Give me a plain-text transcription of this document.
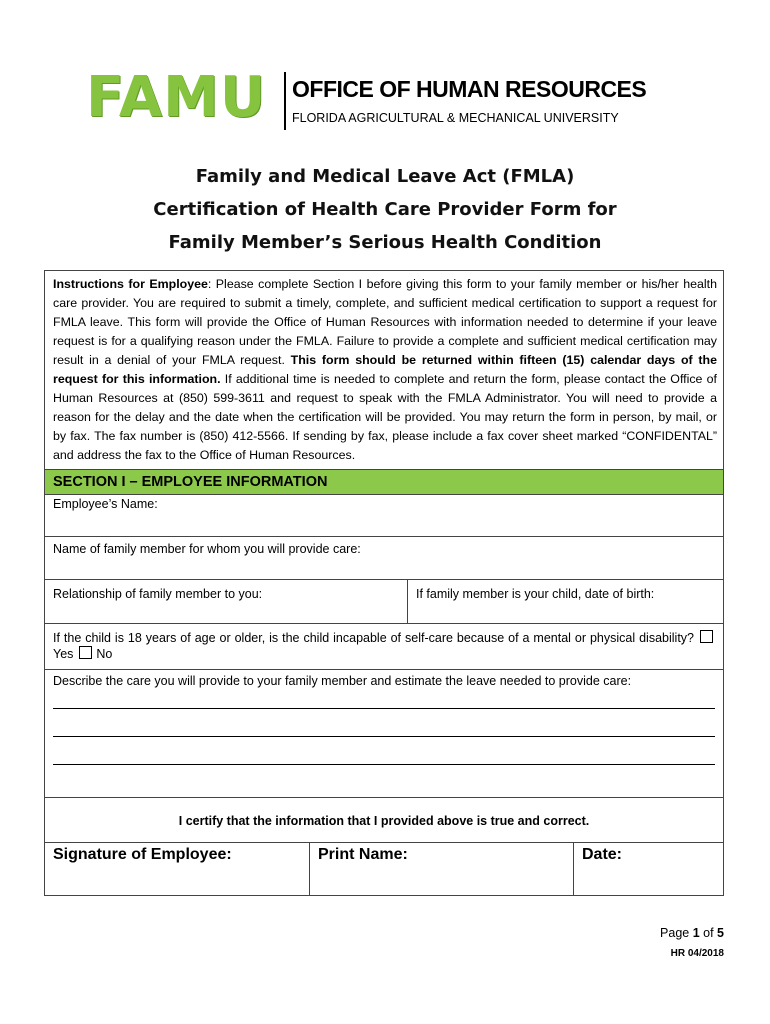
FAMU OFFICE OF HUMAN RESOURCES
FLORIDA AGRICULTURAL & MECHANICAL UNIVERSITY
Family and Medical Leave Act (FMLA)
Certification of Health Care Provider Form for
Family Member’s Serious Health Condition
Instructions for Employee: Please complete Section I before giving this form to your family member or his/her health care provider. You are required to submit a timely, complete, and sufficient medical certification to support a request for FMLA leave. This form will provide the Office of Human Resources with information needed to determine if your leave request is for a qualifying reason under the FMLA. Failure to provide a complete and sufficient medical certification may result in a denial of your FMLA request. This form should be returned within fifteen (15) calendar days of the request for this information. If additional time is needed to complete and return the form, please contact the Office of Human Resources at (850) 599-3611 and request to speak with the FMLA Administrator. You will need to provide a reason for the delay and the date when the certification will be provided. You may return the form in person, by mail, or by fax. The fax number is (850) 412-5566. If sending by fax, please include a fax cover sheet marked “CONFIDENTAL” and address the fax to the Office of Human Resources.
SECTION I – EMPLOYEE INFORMATION
Employee’s Name:
Name of family member for whom you will provide care:
Relationship of family member to you:	If family member is your child, date of birth:
If the child is 18 years of age or older, is the child incapable of self-care because of a mental or physical disability?Yes No
Describe the care you will provide to your family member and estimate the leave needed to provide care:
I certify that the information that I provided above is true and correct.
Signature of Employee:	Print Name:	Date:
Page 1 of 5
HR 04/2018
